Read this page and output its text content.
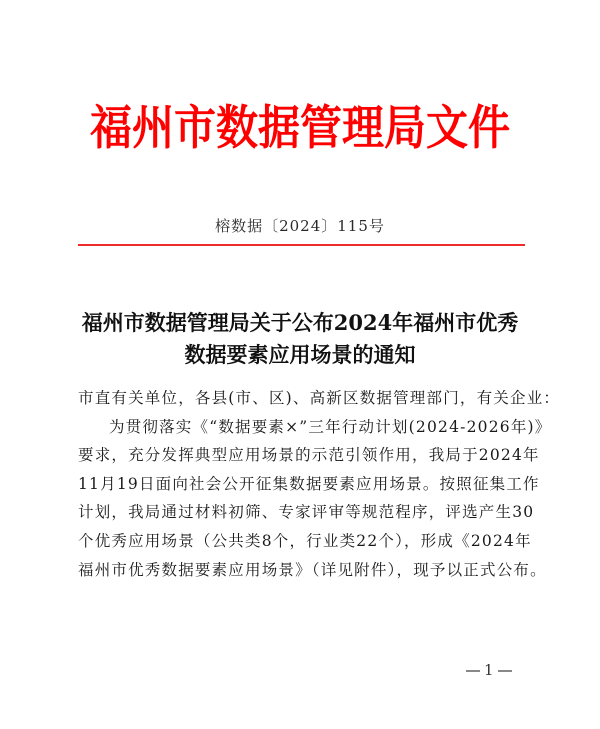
福州市数据管理局文件
榕数据〔2024〕115号
福州市数据管理局关于公布2024年福州市优秀
数据要素应用场景的通知
市直有关单位，各县(市、区)、高新区数据管理部门，有关企业：
为贯彻落实《“数据要素×”三年行动计划(2024-2026年)》
要求，充分发挥典型应用场景的示范引领作用，我局于2024年
11月19日面向社会公开征集数据要素应用场景。按照征集工作
计划，我局通过材料初筛、专家评审等规范程序，评选产生30
个优秀应用场景（公共类8个，行业类22个），形成《2024年
福州市优秀数据要素应用场景》（详见附件），现予以正式公布。
1
